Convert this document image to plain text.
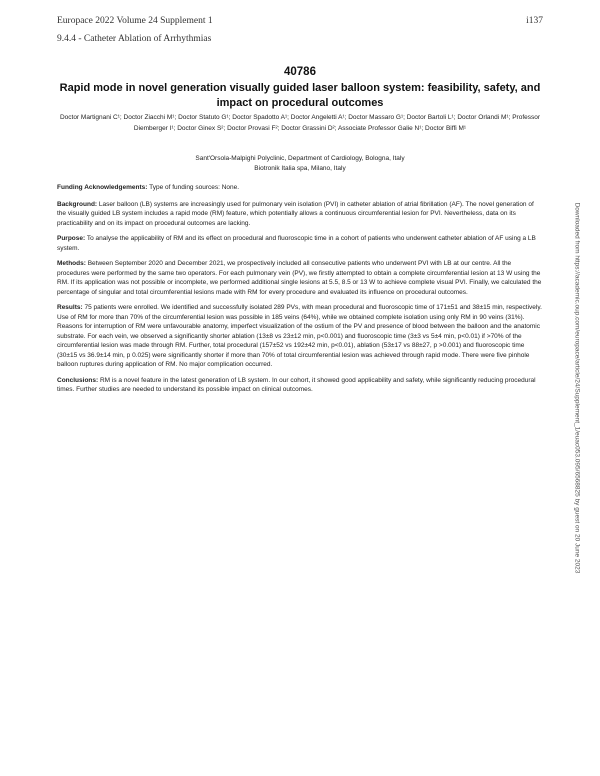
Europace 2022 Volume 24 Supplement 1	i137
9.4.4 - Catheter Ablation of Arrhythmias
40786
Rapid mode in novel generation visually guided laser balloon system: feasibility, safety, and impact on procedural outcomes

Doctor Martignani C¹; Doctor Ziacchi M¹; Doctor Statuto G¹; Doctor Spadotto A¹; Doctor Angeletti A¹; Doctor Massaro G¹; Doctor Bartoli L¹; Doctor Orlandi M¹; Professor Diemberger I¹; Doctor Ginex S²; Doctor Provasi F²; Doctor Grassini D²; Associate Professor Galie N¹; Doctor Biffi M¹

Sant'Orsola-Malpighi Polyclinic, Department of Cardiology, Bologna, Italy
Biotronik Italia spa, Milano, Italy

Funding Acknowledgements: Type of funding sources: None.

Background: Laser balloon (LB) systems are increasingly used for pulmonary vein isolation (PVI) in catheter ablation of atrial fibrillation (AF). The novel generation of the visually guided LB system includes a rapid mode (RM) feature, which potentially allows a continuous circumferential lesion for PVI. Nevertheless, data on its practicability and on its impact on procedural outcomes are lacking.

Purpose: To analyse the applicability of RM and its effect on procedural and fluoroscopic time in a cohort of patients who underwent catheter ablation of AF using a LB system.

Methods: Between September 2020 and December 2021, we prospectively included all consecutive patients who underwent PVI with LB at our centre. All the procedures were performed by the same two operators. For each pulmonary vein (PV), we firstly attempted to obtain a complete circumferential lesion at 13 W using the RM. If its application was not possible or incomplete, we performed additional single lesions at 5.5, 8.5 or 13 W to achieve complete visual PVI. Finally, we calculated the percentage of singular and total circumferential lesions made with RM for every procedure and evaluated its influence on procedural outcomes.

Results: 75 patients were enrolled. We identified and successfully isolated 289 PVs, with mean procedural and fluoroscopic time of 171±51 and 38±15 min, respectively. Use of RM for more than 70% of the circumferential lesion was possible in 185 veins (64%), while we obtained complete isolation using only RM in 90 veins (31%). Reasons for interruption of RM were unfavourable anatomy, imperfect visualization of the ostium of the PV and presence of blood between the balloon and the anatomic substrate. For each vein, we observed a significantly shorter ablation (13±8 vs 23±12 min, p<0.001) and fluoroscopic time (3±3 vs 5±4 min, p<0.01) if >70% of the circumferential lesion was made through RM. Further, total procedural (157±52 vs 192±42 min, p<0.01), ablation (53±17 vs 88±27, p >0.001) and fluoroscopic time (30±15 vs 36.9±14 min, p 0.025) were significantly shorter if more than 70% of total circumferential lesion was achieved through rapid mode. There were five pinhole balloon ruptures during application of RM. No major complication occurred.

Conclusions: RM is a novel feature in the latest generation of LB system. In our cohort, it showed good applicability and safety, while significantly reducing procedural times. Further studies are needed to understand its possible impact on clinical outcomes.	Downloaded from https://academic.oup.com/europace/article/24/Supplement_1/euac053.095/6568825 by guest on 20 June 2023
